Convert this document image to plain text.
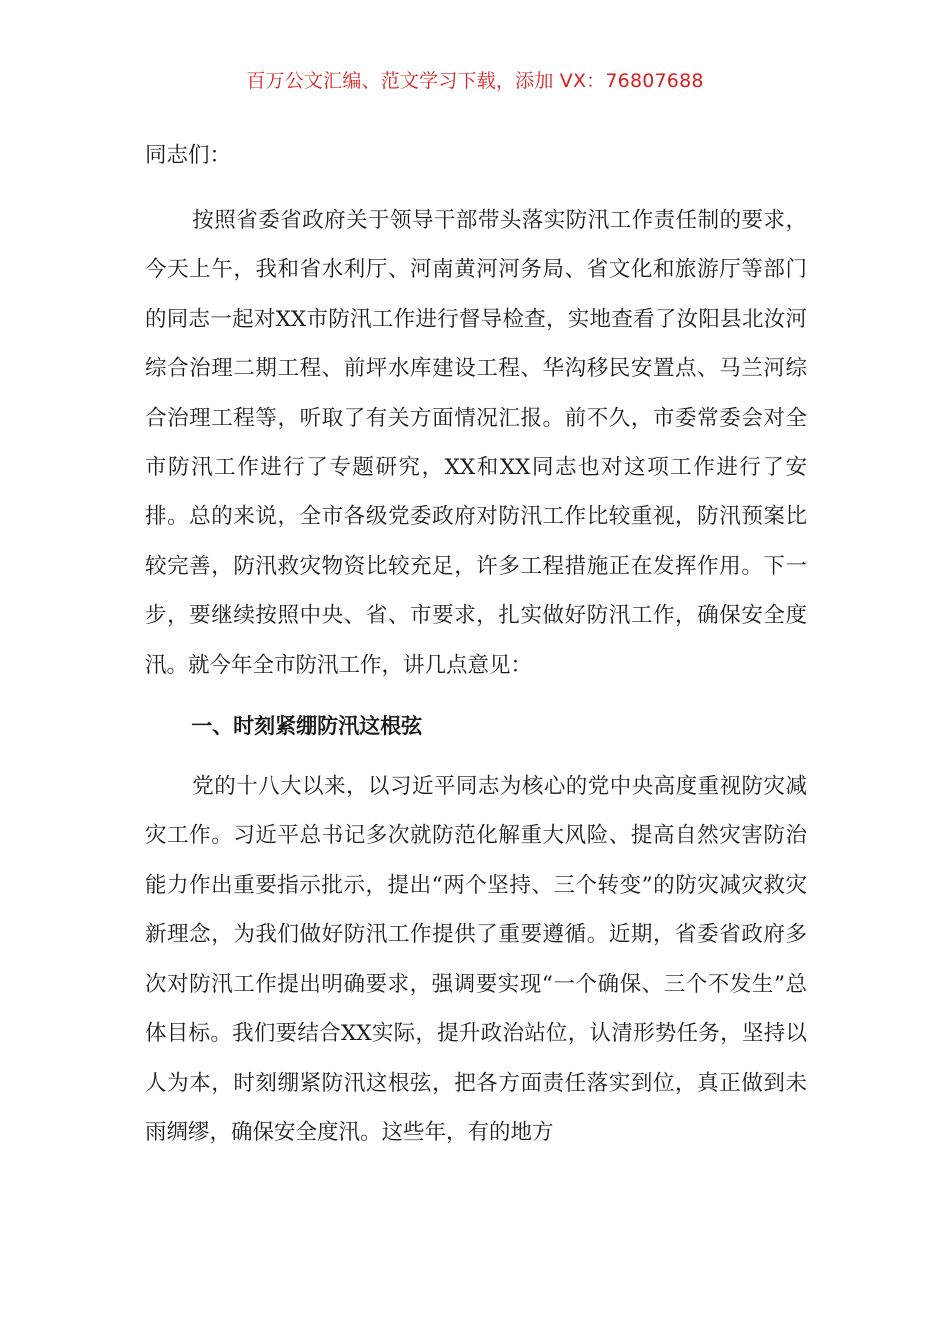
百万公文汇编、范文学习下载，添加 VX：76807688

同志们：

按照省委省政府关于领导干部带头落实防汛工作责任制的要求，今天上午，我和省水利厅、河南黄河河务局、省文化和旅游厅等部门的同志一起对XX市防汛工作进行督导检查，实地查看了汝阳县北汝河综合治理二期工程、前坪水库建设工程、华沟移民安置点、马兰河综合治理工程等，听取了有关方面情况汇报。前不久，市委常委会对全市防汛工作进行了专题研究，XX和XX同志也对这项工作进行了安排。总的来说，全市各级党委政府对防汛工作比较重视，防汛预案比较完善，防汛救灾物资比较充足，许多工程措施正在发挥作用。下一步，要继续按照中央、省、市要求，扎实做好防汛工作，确保安全度汛。就今年全市防汛工作，讲几点意见：

一、时刻紧绷防汛这根弦

党的十八大以来，以习近平同志为核心的党中央高度重视防灾减灾工作。习近平总书记多次就防范化解重大风险、提高自然灾害防治能力作出重要指示批示，提出“两个坚持、三个转变”的防灾减灾救灾新理念，为我们做好防汛工作提供了重要遵循。近期，省委省政府多次对防汛工作提出明确要求，强调要实现“一个确保、三个不发生”总体目标。我们要结合XX实际，提升政治站位，认清形势任务，坚持以人为本，时刻绷紧防汛这根弦，把各方面责任落实到位，真正做到未雨绸缪，确保安全度汛。这些年，有的地方
